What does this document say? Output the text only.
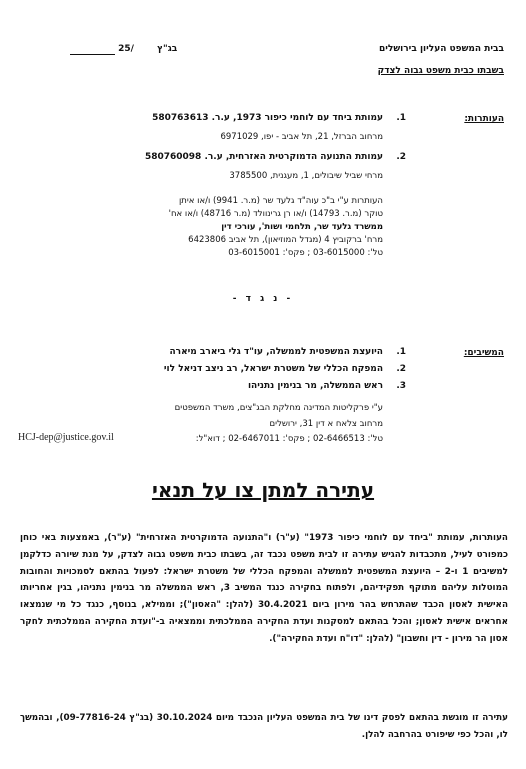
בבית המשפט העליון בירושלים
בשבתו כבית משפט גבוה לצדק
25/	בג"ץ
העותרות:
1.
עמותת ביחד עם לוחמי כיפור 1973, ע.ר. 580763613
מרחוב הברזל, 21, תל אביב - יפו, 6971029
2.
עמותת התנועה הדמוקרטית האזרחית, ע.ר. 580760098
מרחי שביל שיבולים, 1, מעגנית, 3785500
העותרות ע"י ב"כ עוה"ד גלעד שר (מ.ר. 9941) ו/או איתן
טוקר (מ.ר. 14793) ו/או רן גרינוולד (מ.ר 48716) ו/או אח'
ממשרד גלעד שר, תלחמי ושות', עורכי דין
מרח' ברקוביץ 4 (מגדל המוזיאון), תל אביב 6423806
טל': 03-6015000 ; פקס': 03-6015001
- נ ג ד -
המשיבים:
1.
היועצת המשפטית לממשלה, עו"ד גלי ביארב מיארה
2.
המפקח הכללי של משטרת ישראל, רב ניצב דניאל לוי
3.
ראש הממשלה, מר בנימין נתניהו
ע"י פרקליטות המדינה מחלקת הבג"צים, משרד המשפטים
מרחוב צלאח א דין 31, ירושלים
טל': 02-6466513 ; פקס': 02-6467011 ; דוא"ל:
HCJ-dep@justice.gov.il
עתירה למתן צו על תנאי
העותרות, עמותת "ביחד עם לוחמי כיפור 1973" (ע"ר) ו"התנועה הדמוקרטית האזרחית" (ע"ר), באמצעות באי כוחן כמפורט לעיל, מתכבדות להגיש עתירה זו לבית משפט נכבד זה, בשבתו כבית משפט גבוה לצדק, על מנת שיורה כדלקמן למשיבים 1 ו-2 – היועצת המשפטית לממשלה והמפקח הכללי של משטרת ישראל: לפעול בהתאם לסמכויות והחובות המוטלות עליהם מתוקף תפקידיהם, ולפתוח בחקירה כנגד המשיב 3, ראש הממשלה מר בנימין נתניהו, בגין אחריותו האישית לאסון הכבד שהתרחש בהר מירון ביום 30.4.2021 (להלן: "האסון"); וממילא, בנוסף, כנגד כל מי שנמצאו אחראים אישית לאסון; והכל בהתאם למסקנות ועדת החקירה הממלכתית וממצאיה ב-"ועדת החקירה הממלכתית לחקר אסון הר מירון - דין וחשבון" (להלן: "דו"ח ועדת החקירה").
עתירה זו מוגשת בהתאם לפסק דינו של בית המשפט העליון הנכבד מיום 30.10.2024 (בג"ץ 09-77816-24), ובהמשך לו, והכל כפי שיפורט בהרחבה להלן.
